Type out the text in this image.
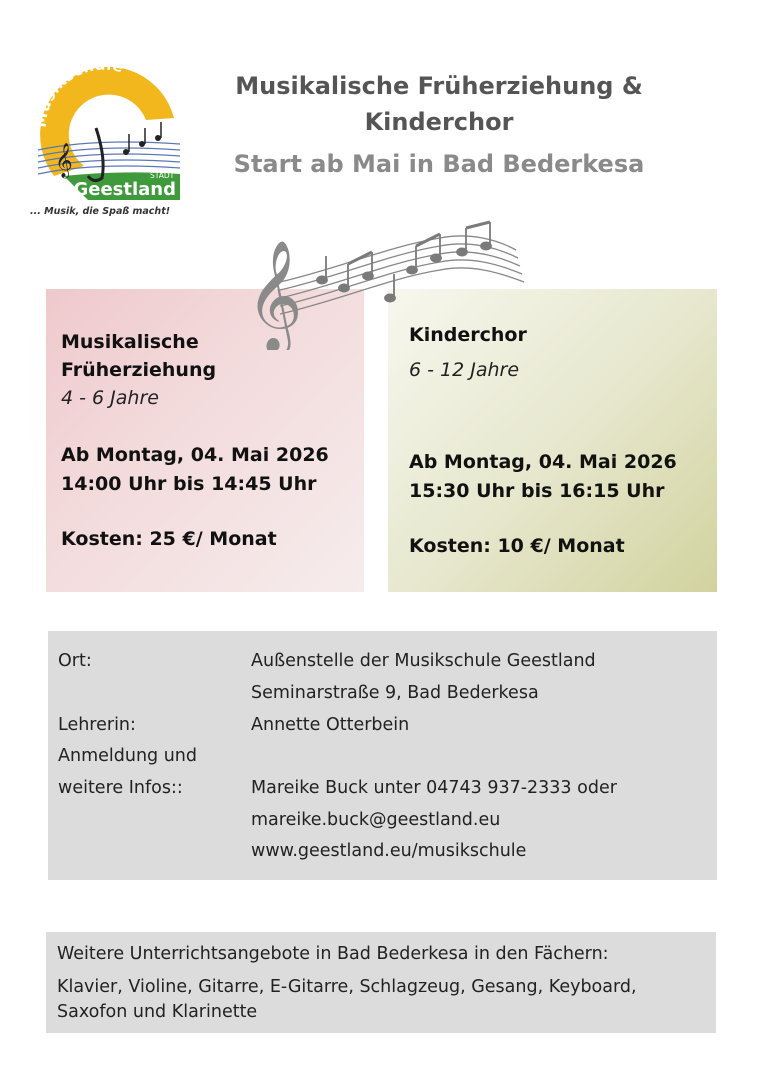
Musikschule
𝄞	STADT
Geestland
... Musik, die Spaß macht!
Musikalische Früherziehung &
Kinderchor
Start ab Mai in Bad Bederkesa
Musikalische
Früherziehung
4 - 6 Jahre
Ab Montag, 04. Mai 2026
14:00 Uhr bis 14:45 Uhr
Kosten: 25 €/ Monat
Kinderchor
6 - 12 Jahre
Ab Montag, 04. Mai 2026
15:30 Uhr bis 16:15 Uhr
Kosten: 10 €/ Monat
𝄞
Ort:	Außenstelle der Musikschule Geestland
Seminarstraße 9, Bad Bederkesa
Lehrerin:	Annette Otterbein
Anmeldung und
weitere Infos::	Mareike Buck unter 04743 937-2333 oder
mareike.buck@geestland.eu
www.geestland.eu/musikschule
Weitere Unterrichtsangebote in Bad Bederkesa in den Fächern:
Klavier, Violine, Gitarre, E-Gitarre, Schlagzeug, Gesang, Keyboard,
Saxofon und Klarinette
